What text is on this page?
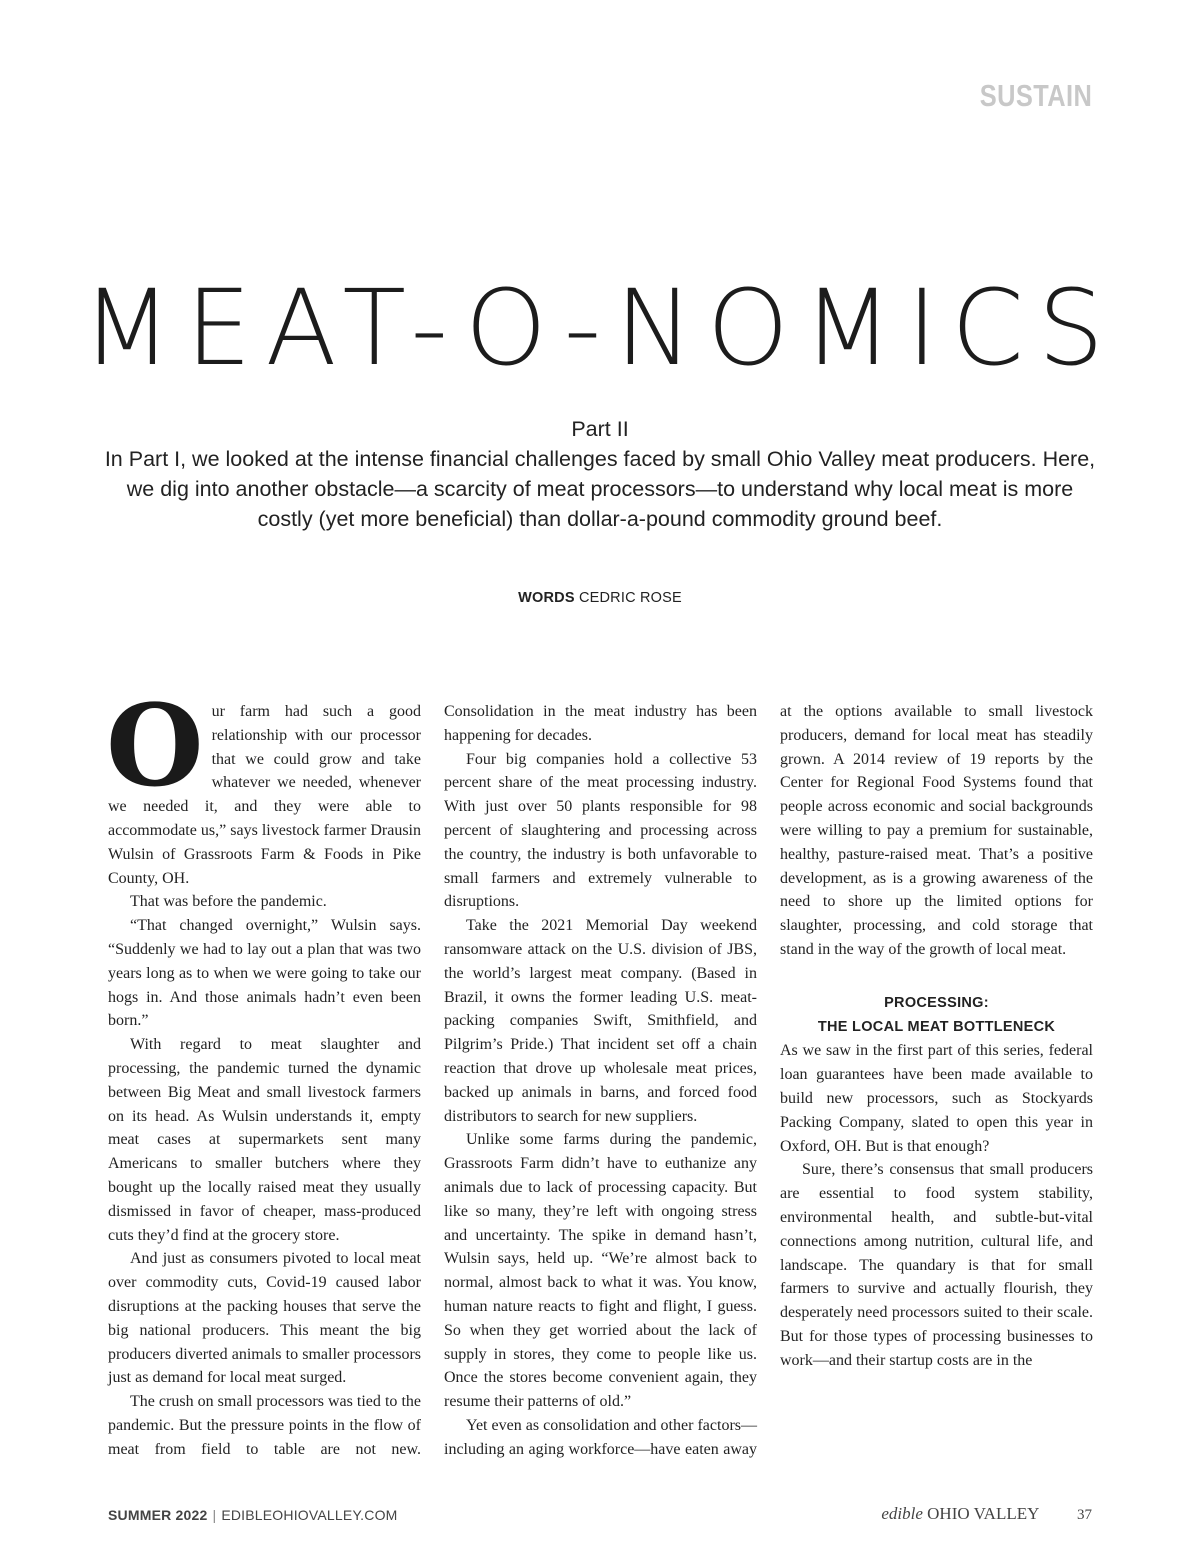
SUSTAIN
MEAT-O-NOMICS
Part II
In Part I, we looked at the intense financial challenges faced by small Ohio Valley meat producers. Here, we dig into another obstacle—a scarcity of meat processors—to understand why local meat is more costly (yet more beneficial) than dollar-a-pound commodity ground beef.
WORDS CEDRIC ROSE

Our farm had such a good relationship with our processor that we could grow and take whatever we needed, whenever we needed it, and they were able to accommodate us,” says livestock farmer Drausin Wulsin of Grassroots Farm & Foods in Pike County, OH.

That was before the pandemic.

“That changed overnight,” Wulsin says. “Suddenly we had to lay out a plan that was two years long as to when we were going to take our hogs in. And those animals hadn’t even been born.”

With regard to meat slaughter and processing, the pandemic turned the dynamic between Big Meat and small livestock farmers on its head. As Wulsin understands it, empty meat cases at supermarkets sent many Americans to smaller butchers where they bought up the locally raised meat they usually dismissed in favor of cheaper, mass-produced cuts they’d find at the grocery store.

And just as consumers pivoted to local meat over commodity cuts, Covid-19 caused labor disruptions at the packing houses that serve the big national producers. This meant the big producers diverted animals to smaller processors just as demand for local meat surged.

The crush on small processors was tied to the pandemic. But the pressure points in the flow of meat from field to table are not new. Consolidation in the meat industry has been happening for decades.

Four big companies hold a collective 53 percent share of the meat processing industry. With just over 50 plants responsible for 98 percent of slaughtering and processing across the country, the industry is both unfavorable to small farmers and extremely vulnerable to disruptions.

Take the 2021 Memorial Day weekend ransomware attack on the U.S. division of JBS, the world’s largest meat company. (Based in Brazil, it owns the former leading U.S. meat-packing companies Swift, Smithfield, and Pilgrim’s Pride.) That incident set off a chain reaction that drove up wholesale meat prices, backed up animals in barns, and forced food distributors to search for new suppliers.

Unlike some farms during the pandemic, Grassroots Farm didn’t have to euthanize any animals due to lack of processing capacity. But like so many, they’re left with ongoing stress and uncertainty. The spike in demand hasn’t, Wulsin says, held up. “We’re almost back to normal, almost back to what it was. You know, human nature reacts to fight and flight, I guess. So when they get worried about the lack of supply in stores, they come to people like us. Once the stores become convenient again, they resume their patterns of old.”

Yet even as consolidation and other factors—including an aging workforce—have eaten away at the options available to small livestock producers, demand for local meat has steadily grown. A 2014 review of 19 reports by the Center for Regional Food Systems found that people across economic and social backgrounds were willing to pay a premium for sustainable, healthy, pasture-raised meat. That’s a positive development, as is a growing awareness of the need to shore up the limited options for slaughter, processing, and cold storage that stand in the way of the growth of local meat.

PROCESSING:
THE LOCAL MEAT BOTTLENECK

As we saw in the first part of this series, federal loan guarantees have been made available to build new processors, such as Stockyards Packing Company, slated to open this year in Oxford, OH. But is that enough?

Sure, there’s consensus that small producers are essential to food system stability, environmental health, and subtle-but-vital connections among nutrition, cultural life, and landscape. The quandary is that for small farmers to survive and actually flourish, they desperately need processors suited to their scale. But for those types of processing businesses to work—and their startup costs are in the

SUMMER 2022 | EDIBLEOHIOVALLEY.COM	edible OHIO VALLEY	37
